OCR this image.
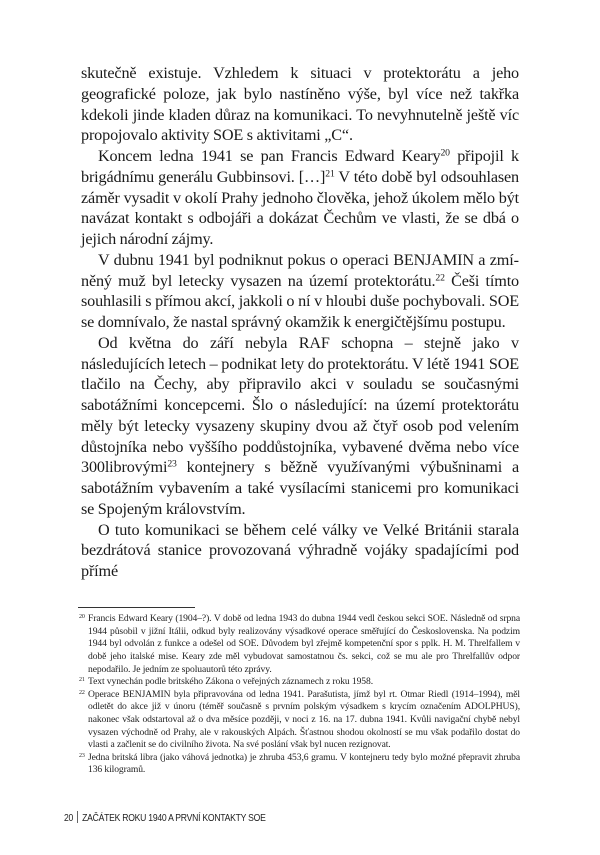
skutečně existuje. Vzhledem k situaci v protektorátu a jeho geografické poloze, jak bylo nastíněno výše, byl více než takřka kdekoli jinde kladen důraz na komunikaci. To nevyhnutelně ještě víc propojovalo aktivity SOE s aktivitami „C“.

Koncem ledna 1941 se pan Francis Edward Keary$^{20}$ připojil k brigádnímu generálu Gubbinsovi. […]$^{21}$ V této době byl odsouhlasen záměr vysadit v okolí Prahy jednoho člověka, jehož úkolem mělo být navázat kontakt s odbojáři a dokázat Čechům ve vlasti, že se dbá o jejich národní zájmy.

V dubnu 1941 byl podniknut pokus o operaci BENJAMIN a zmíněný muž byl letecky vysazen na území protektorátu.$^{22}$ Češi tímto souhlasili s přímou akcí, jakkoli o ní v hloubi duše pochybovali. SOE se domnívalo, že nastal správný okamžik k energičtějšímu postupu.

Od května do září nebyla RAF schopna – stejně jako v následujících letech – podnikat lety do protektorátu. V létě 1941 SOE tlačilo na Čechy, aby připravilo akci v souladu se současnými sabotážními koncepcemi. Šlo o následující: na území protektorátu měly být letecky vysazeny skupiny dvou až čtyř osob pod velením důstojníka nebo vyššího poddůstojníka, vybavené dvěma nebo více 300librovými$^{23}$ kontejnery s běžně využívanými výbušninami a sabotážním vybavením a také vysílacími stanicemi pro komunikaci se Spojeným královstvím.

O tuto komunikaci se během celé války ve Velké Británii starala bezdrátová stanice provozovaná výhradně vojáky spadajícími pod přímé

20 Francis Edward Keary (1904–?). V době od ledna 1943 do dubna 1944 vedl českou sekci SOE. Následně od srpna 1944 působil v jižní Itálii, odkud byly realizovány výsadkové operace směřující do Československa. Na podzim 1944 byl odvolán z funkce a odešel od SOE. Důvodem byl zřejmě kompetenční spor s pplk. H. M. Threlfallem v době jeho italské mise. Keary zde měl vybudovat samostatnou čs. sekci, což se mu ale pro Threlfallův odpor nepodařilo. Je jedním ze spoluautorů této zprávy.

21 Text vynechán podle britského Zákona o veřejných záznamech z roku 1958.

22 Operace BENJAMIN byla připravována od ledna 1941. Parašutista, jímž byl rt. Otmar Riedl (1914–1994), měl odletět do akce již v únoru (téměř současně s prvním polským výsadkem s krycím označením ADOLPHUS), nakonec však odstartoval až o dva měsíce později, v noci z 16. na 17. dubna 1941. Kvůli navigační chybě nebyl vysazen východně od Prahy, ale v rakouských Alpách. Šťastnou shodou okolností se mu však podařilo dostat do vlasti a začlenit se do civilního života. Na své poslání však byl nucen rezignovat.

23 Jedna britská libra (jako váhová jednotka) je zhruba 453,6 gramu. V kontejneru tedy bylo možné přepravit zhruba 136 kilogramů.

20 ZAČÁTEK ROKU 1940 A PRVNÍ KONTAKTY SOE
